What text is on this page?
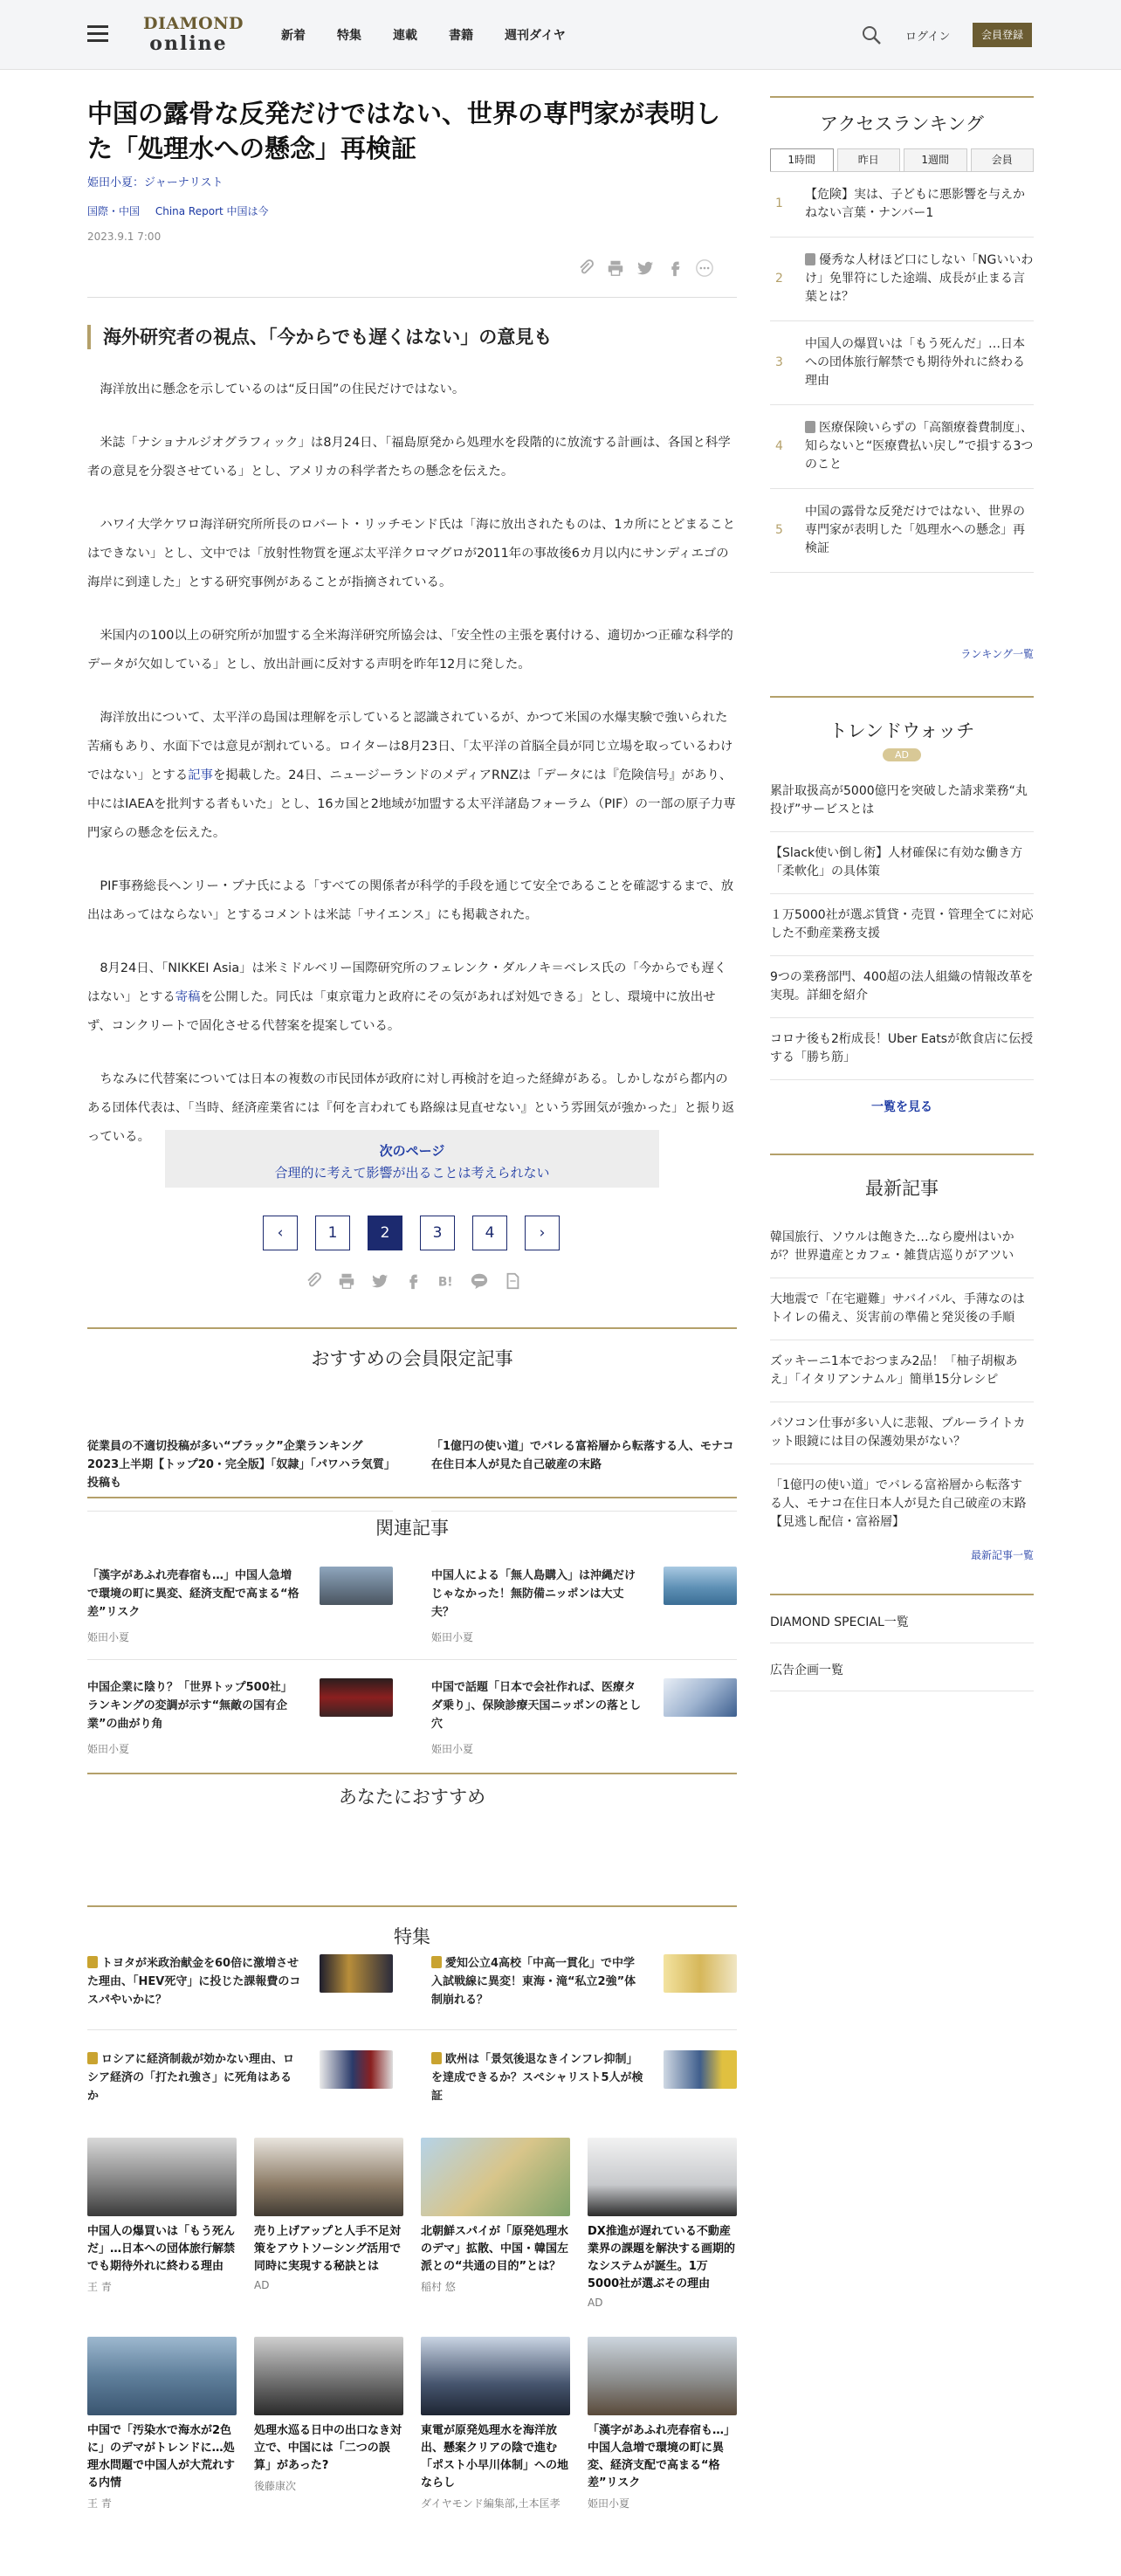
DIAMOND
online	新着	特集	連載	書籍	週刊ダイヤ	ログイン	会員登録
中国の露骨な反発だけではない、世界の専門家が表明した「処理水への懸念」再検証
姫田小夏：ジャーナリスト
国際・中国 China Report 中国は今
2023.9.1 7:00
海外研究者の視点、「今からでも遅くはない」の意見も

海洋放出に懸念を示しているのは“反日国”の住民だけではない。

米誌「ナショナルジオグラフィック」は8月24日、「福島原発から処理水を段階的に放流する計画は、各国と科学者の意見を分裂させている」とし、アメリカの科学者たちの懸念を伝えた。

ハワイ大学ケワロ海洋研究所所長のロバート・リッチモンド氏は「海に放出されたものは、1カ所にとどまることはできない」とし、文中では「放射性物質を運ぶ太平洋クロマグロが2011年の事故後6カ月以内にサンディエゴの海岸に到達した」とする研究事例があることが指摘されている。

米国内の100以上の研究所が加盟する全米海洋研究所協会は、「安全性の主張を裏付ける、適切かつ正確な科学的データが欠如している」とし、放出計画に反対する声明を昨年12月に発した。

海洋放出について、太平洋の島国は理解を示していると認識されているが、かつて米国の水爆実験で強いられた苦痛もあり、水面下では意見が割れている。ロイターは8月23日、「太平洋の首脳全員が同じ立場を取っているわけではない」とする記事を掲載した。24日、ニュージーランドのメディアRNZは「データには『危険信号』があり、中にはIAEAを批判する者もいた」とし、16カ国と2地域が加盟する太平洋諸島フォーラム（PIF）の一部の原子力専門家らの懸念を伝えた。

PIF事務総長ヘンリー・プナ氏による「すべての関係者が科学的手段を通じて安全であることを確認するまで、放出はあってはならない」とするコメントは米誌「サイエンス」にも掲載された。

8月24日、「NIKKEI Asia」は米ミドルベリー国際研究所のフェレンク・ダルノキ＝ベレス氏の「今からでも遅くはない」とする寄稿を公開した。同氏は「東京電力と政府にその気があれば対処できる」とし、環境中に放出せず、コンクリートで固化させる代替案を提案している。

ちなみに代替案については日本の複数の市民団体が政府に対し再検討を迫った経緯がある。しかしながら都内のある団体代表は、「当時、経済産業省には『何を言われても路線は見直せない』という雰囲気が強かった」と振り返っている。

次のページ
合理的に考えて影響が出ることは考えられない
‹	1	2	3	4	›
B!
おすすめの会員限定記事
従業員の不適切投稿が多い“ブラック”企業ランキング2023上半期【トップ20・完全版】「奴隷」「パワハラ気質」投稿も
「1億円の使い道」でバレる富裕層から転落する人、モナコ在住日本人が見た自己破産の末路
関連記事
「漢字があふれ売春宿も…」中国人急増で環境の町に異変、経済支配で高まる“格差”リスク
姫田小夏
中国人による「無人島購入」は沖縄だけじゃなかった！無防備ニッポンは大丈夫？
姫田小夏
中国企業に陰り？「世界トップ500社」ランキングの変調が示す“無敵の国有企業”の曲がり角
姫田小夏
中国で話題「日本で会社作れば、医療タダ乗り」、保険診療天国ニッポンの落とし穴
姫田小夏
あなたにおすすめ
特集
トヨタが米政治献金を60倍に激増させた理由、「HEV死守」に投じた課報費のコスパやいかに？
愛知公立4高校「中高一貫化」で中学入試戦線に異変！東海・滝“私立2強”体制崩れる？
ロシアに経済制裁が効かない理由、ロシア経済の「打たれ強さ」に死角はあるか
欧州は「景気後退なきインフレ抑制」を達成できるか？スペシャリスト5人が検証
中国人の爆買いは「もう死んだ」…日本への団体旅行解禁でも期待外れに終わる理由
王 青
売り上げアップと人手不足対策をアウトソーシング活用で同時に実現する秘訣とは
AD
北朝鮮スパイが「原発処理水のデマ」拡散、中国・韓国左派との“共通の目的”とは？
稲村 悠
DX推進が遅れている不動産業界の課題を解決する画期的なシステムが誕生。1万5000社が選ぶその理由
AD
中国で「汚染水で海水が2色に」のデマがトレンドに…処理水問題で中国人が大荒れする内情
王 青
処理水巡る日中の出口なき対立で、中国には「二つの誤算」があった?
後藤康次
東電が原発処理水を海洋放出、懸案クリアの陰で進む「ポスト小早川体制」への地ならし
ダイヤモンド編集部,土本匡孝
「漢字があふれ売春宿も…」中国人急増で環境の町に異変、経済支配で高まる“格差”リスク
姫田小夏
アクセスランキング
1時間	昨日	1週間	会員
1
【危険】実は、子どもに悪影響を与えかねない言葉・ナンバー1
2
優秀な人材ほど口にしない「NGいいわけ」免罪符にした途端、成長が止まる言葉とは？
3
中国人の爆買いは「もう死んだ」…日本への団体旅行解禁でも期待外れに終わる理由
4
医療保険いらずの「高額療養費制度」、知らないと“医療費払い戻し”で損する3つのこと
5
中国の露骨な反発だけではない、世界の専門家が表明した「処理水への懸念」再検証
ランキング一覧
トレンドウォッチ
AD
累計取扱高が5000億円を突破した請求業務“丸投げ”サービスとは
【Slack使い倒し術】人材確保に有効な働き方「柔軟化」の具体策
１万5000社が選ぶ賃貸・売買・管理全てに対応した不動産業務支援
9つの業務部門、400超の法人組織の情報改革を実現。詳細を紹介
コロナ後も2桁成長！Uber Eatsが飲食店に伝授する「勝ち筋」
一覧を見る
最新記事
韓国旅行、ソウルは飽きた…なら慶州はいかが？世界遺産とカフェ・雑貨店巡りがアツい
大地震で「在宅避難」サバイバル、手薄なのはトイレの備え、災害前の準備と発災後の手順
ズッキーニ1本でおつまみ2品！「柚子胡椒あえ」「イタリアンナムル」簡単15分レシピ
パソコン仕事が多い人に悲報、ブルーライトカット眼鏡には目の保護効果がない？
「1億円の使い道」でバレる富裕層から転落する人、モナコ在住日本人が見た自己破産の末路【見逃し配信・富裕層】
最新記事一覧
DIAMOND SPECIAL一覧
広告企画一覧
